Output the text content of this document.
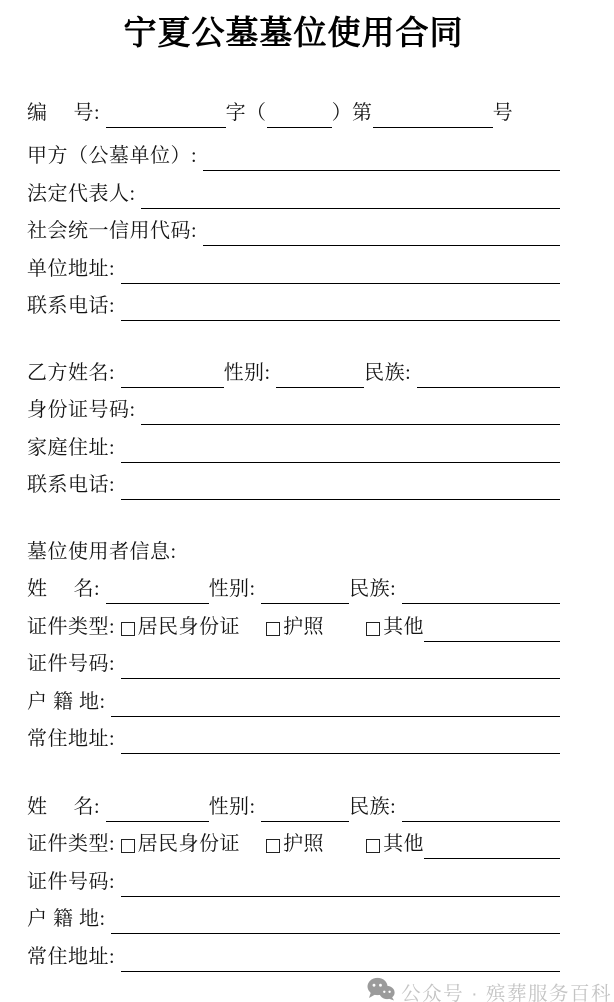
宁夏公墓墓位使用合同
编　 号:	字（	）第	号
甲方（公墓单位）:
法定代表人:
社会统一信用代码:
单位地址:
联系电话:
乙方姓名:	性别:	民族:
身份证号码:
家庭住址:
联系电话:
墓位使用者信息:
姓　 名:	性别:	民族:
证件类型: 居民身份证 护照	其他
证件号码:
户 籍 地:
常住地址:
姓　 名:	性别:	民族:
证件类型: 居民身份证 护照	其他
证件号码:
户 籍 地:
常住地址:

公众号 · 殡葬服务百科
